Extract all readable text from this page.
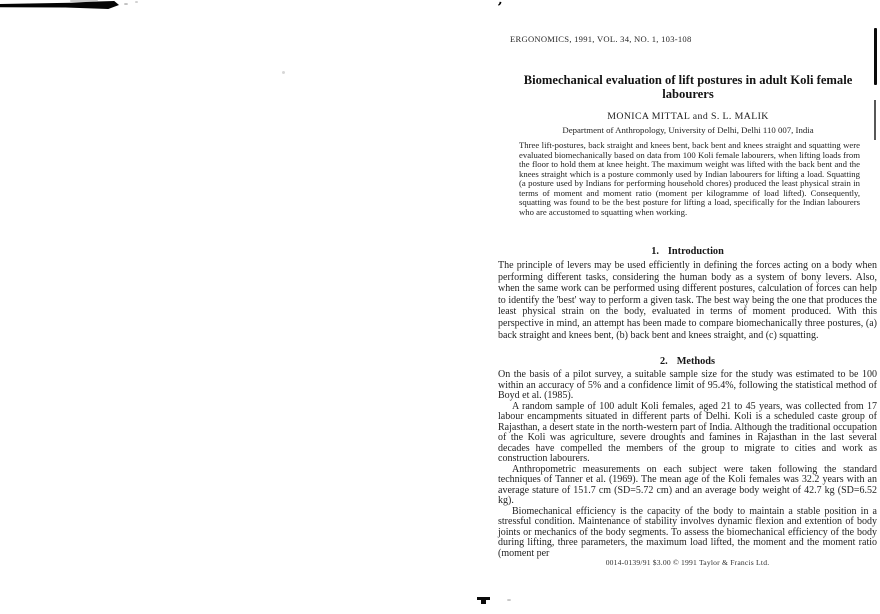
’
ERGONOMICS, 1991, VOL. 34, NO. 1, 103-108
Biomechanical evaluation of lift postures in adult Koli female labourers
MONICA MITTAL and S. L. MALIK
Department of Anthropology, University of Delhi, Delhi 110 007, India

Three lift-postures, back straight and knees bent, back bent and knees straight and squatting were evaluated biomechanically based on data from 100 Koli female labourers, when lifting loads from the floor to hold them at knee height. The maximum weight was lifted with the back bent and the knees straight which is a posture commonly used by Indian labourers for lifting a load. Squatting (a posture used by Indians for performing household chores) produced the least physical strain in terms of moment and moment ratio (moment per kilogramme of load lifted). Consequently, squatting was found to be the best posture for lifting a load, specifically for the Indian labourers who are accustomed to squatting when working.

1. Introduction

The principle of levers may be used efficiently in defining the forces acting on a body when performing different tasks, considering the human body as a system of bony levers. Also, when the same work can be performed using different postures, calculation of forces can help to identify the 'best' way to perform a given task. The best way being the one that produces the least physical strain on the body, evaluated in terms of moment produced. With this perspective in mind, an attempt has been made to compare biomechanically three postures, (a) back straight and knees bent, (b) back bent and knees straight, and (c) squatting.

2. Methods

On the basis of a pilot survey, a suitable sample size for the study was estimated to be 100 within an accuracy of 5% and a confidence limit of 95.4%, following the statistical method of Boyd et al. (1985).

A random sample of 100 adult Koli females, aged 21 to 45 years, was collected from 17 labour encampments situated in different parts of Delhi. Koli is a scheduled caste group of Rajasthan, a desert state in the north-western part of India. Although the traditional occupation of the Koli was agriculture, severe droughts and famines in Rajasthan in the last several decades have compelled the members of the group to migrate to cities and work as construction labourers.

Anthropometric measurements on each subject were taken following the standard techniques of Tanner et al. (1969). The mean age of the Koli females was 32.2 years with an average stature of 151.7 cm (SD=5.72 cm) and an average body weight of 42.7 kg (SD=6.52 kg).

Biomechanical efficiency is the capacity of the body to maintain a stable position in a stressful condition. Maintenance of stability involves dynamic flexion and extention of body joints or mechanics of the body segments. To assess the biomechanical efficiency of the body during lifting, three parameters, the maximum load lifted, the moment and the moment ratio (moment per

0014-0139/91 $3.00 © 1991 Taylor & Francis Ltd.
